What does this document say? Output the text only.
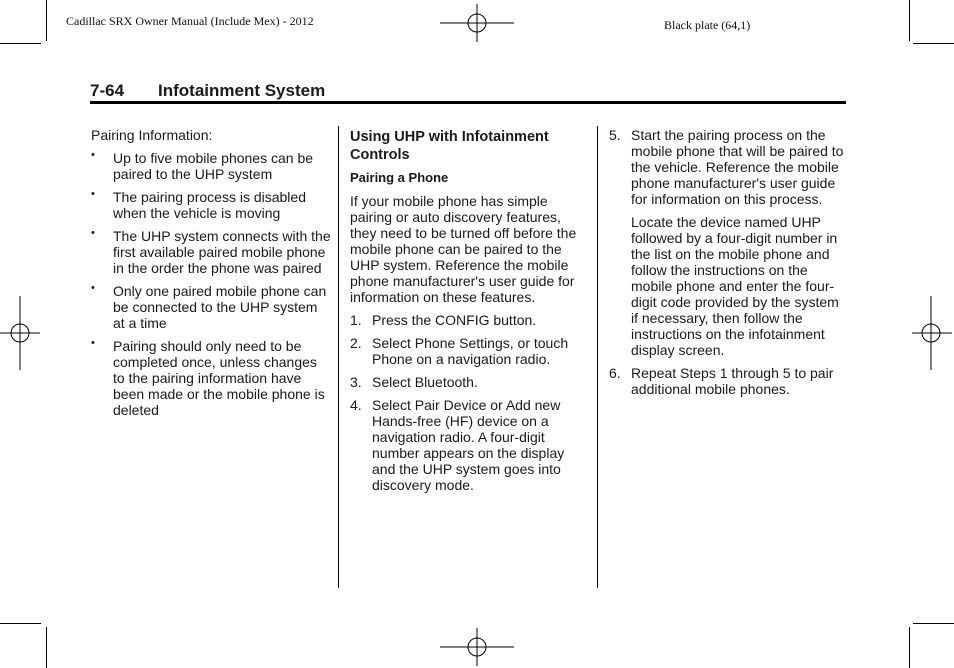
Cadillac SRX Owner Manual (Include Mex) - 2012	Black plate (64,1)
7-64 Infotainment System

Pairing Information:

• Up to five mobile phones can be paired to the UHP system
• The pairing process is disabled when the vehicle is moving
• The UHP system connects with the first available paired mobile phone in the order the phone was paired
• Only one paired mobile phone can be connected to the UHP system at a time
• Pairing should only need to be completed once, unless changes to the pairing information have been made or the mobile phone is deleted

Using UHP with Infotainment Controls

Pairing a Phone

If your mobile phone has simple pairing or auto discovery features, they need to be turned off before the mobile phone can be paired to the UHP system. Reference the mobile phone manufacturer's user guide for information on these features.

1. Press the CONFIG button.
2. Select Phone Settings, or touch Phone on a navigation radio.
3. Select Bluetooth.
4. Select Pair Device or Add new Hands-free (HF) device on a navigation radio. A four-digit number appears on the display and the UHP system goes into discovery mode.
5. Start the pairing process on the mobile phone that will be paired to the vehicle. Reference the mobile phone manufacturer's user guide for information on this process.

Locate the device named UHP followed by a four-digit number in the list on the mobile phone and follow the instructions on the mobile phone and enter the four-digit code provided by the system if necessary, then follow the instructions on the infotainment display screen.

6. Repeat Steps 1 through 5 to pair additional mobile phones.
